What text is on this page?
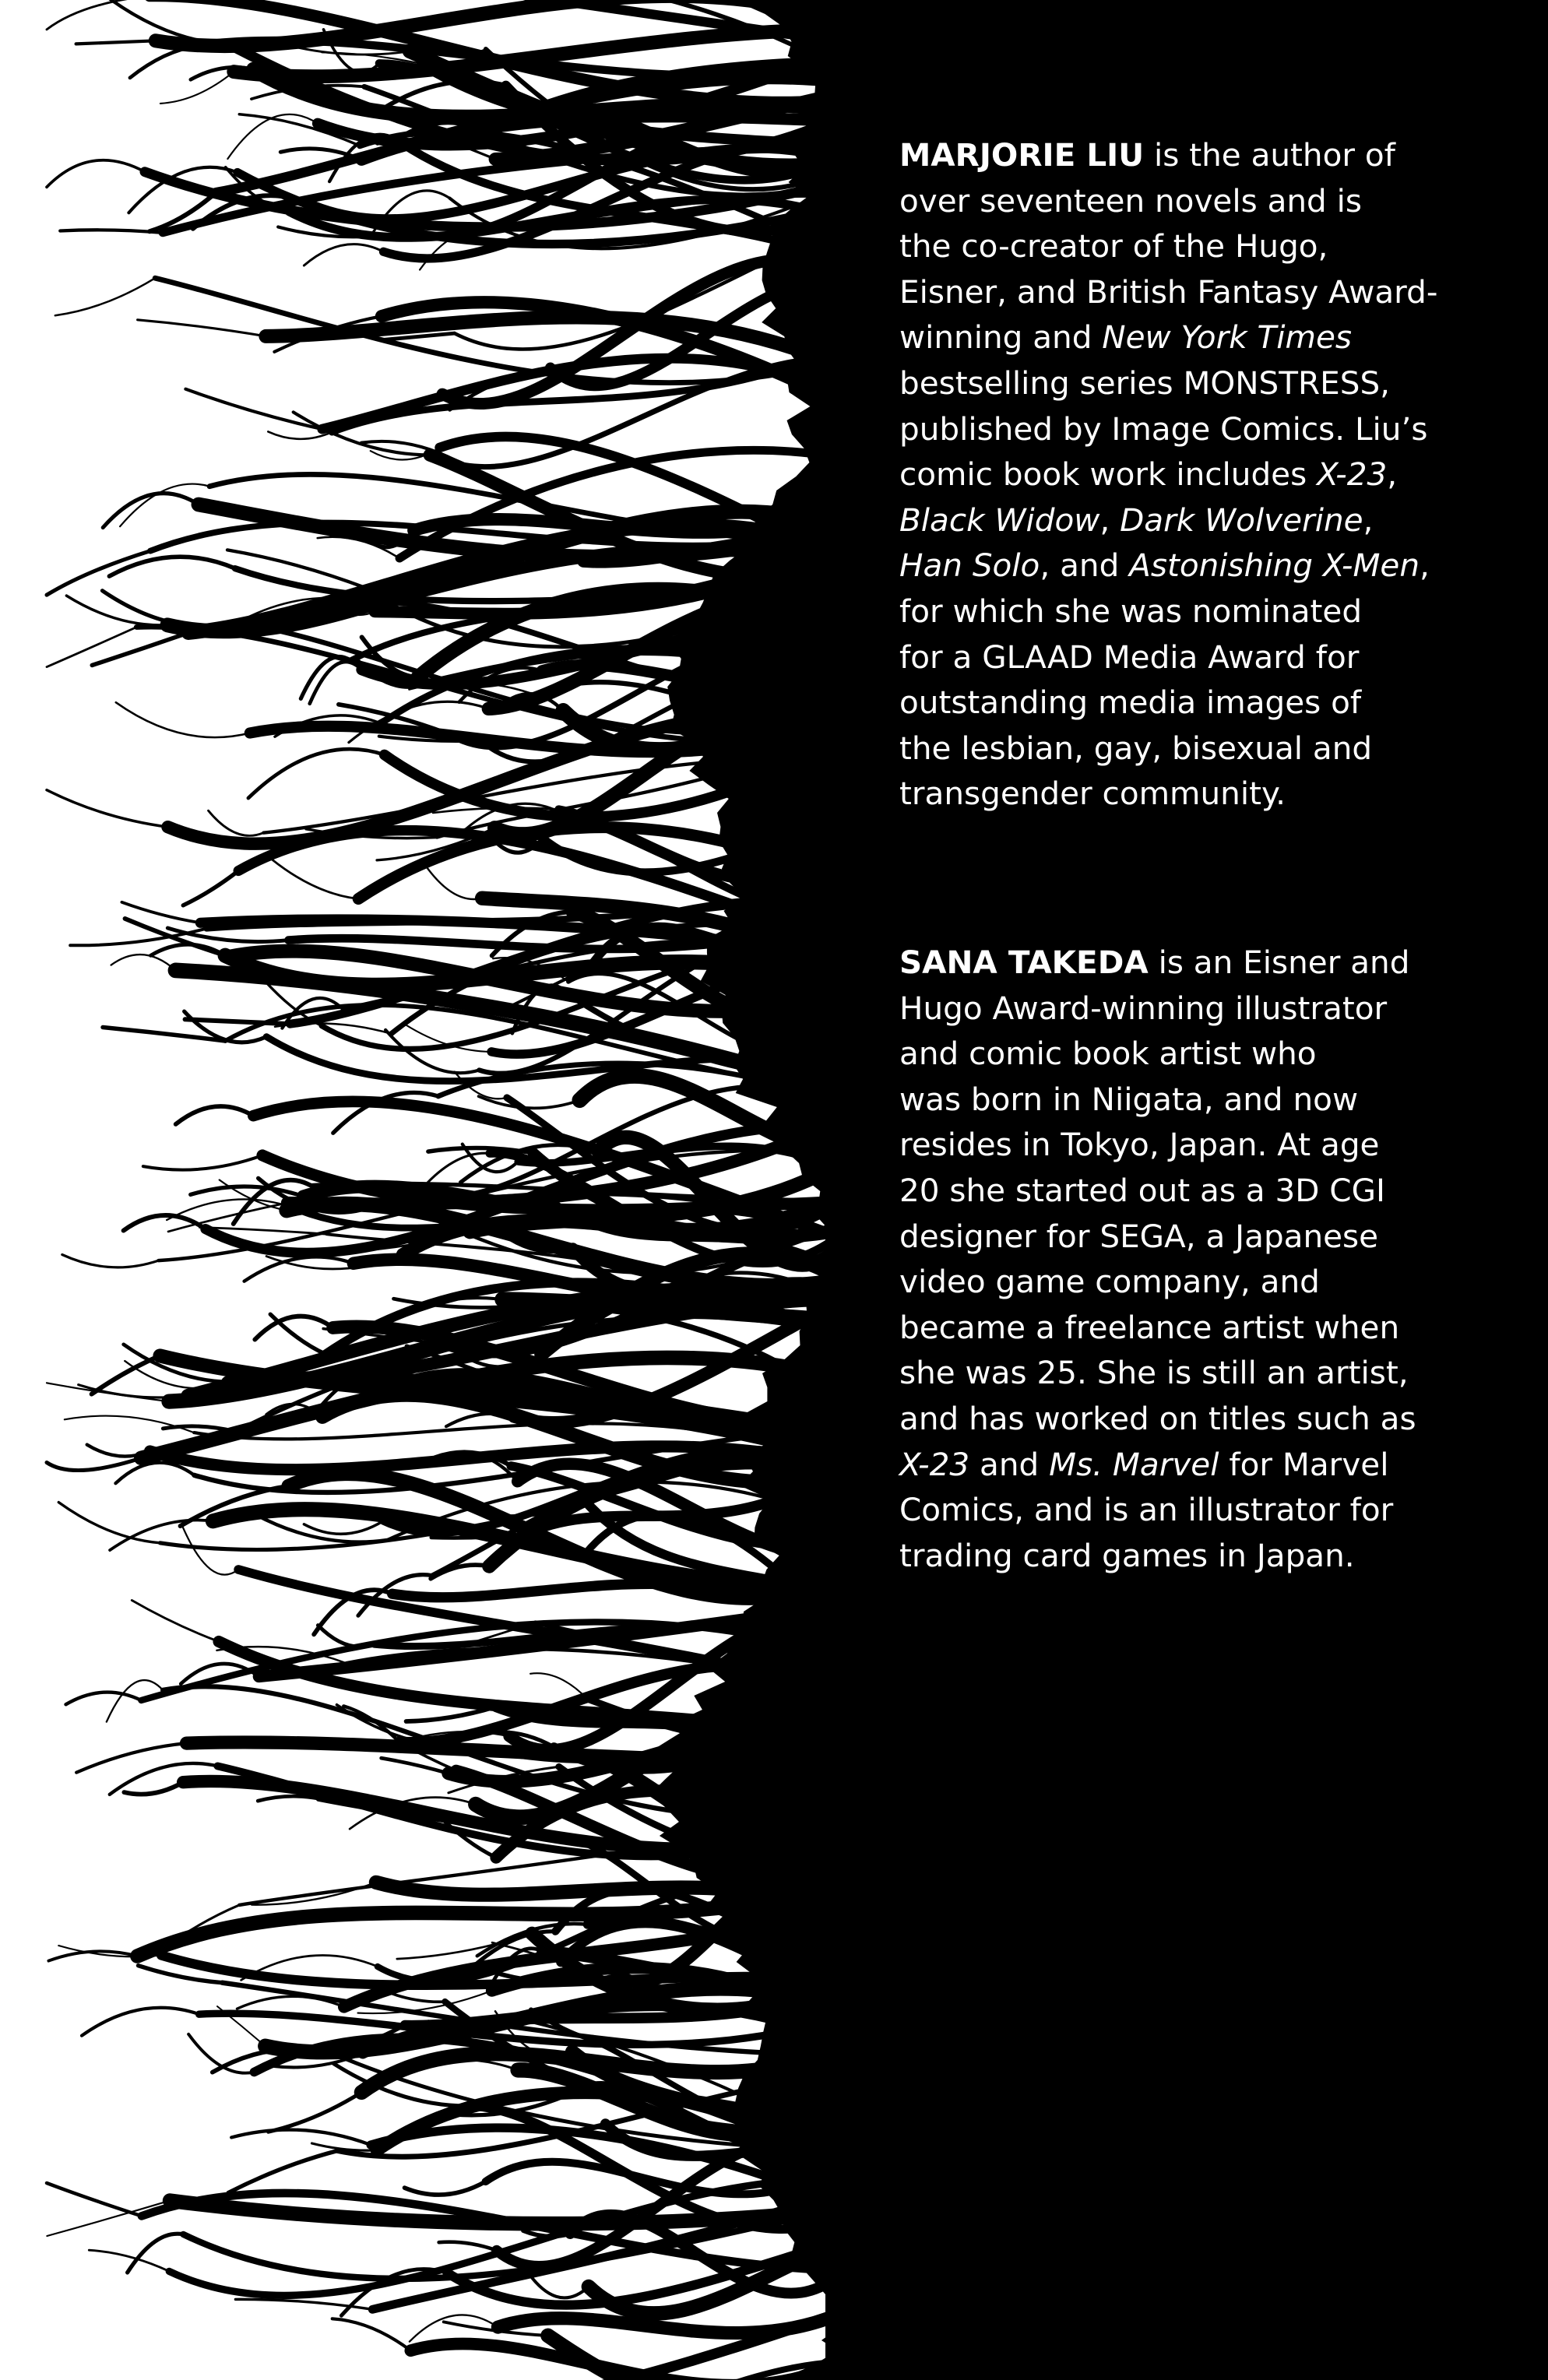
MARJORIE LIU is the author of
over seventeen novels and is
the co-creator of the Hugo,
Eisner, and British Fantasy Award-
winning and New York Times
bestselling series MONSTRESS,
published by Image Comics. Liu’s
comic book work includes X-23,
Black Widow, Dark Wolverine,
Han Solo, and Astonishing X-Men,
for which she was nominated
for a GLAAD Media Award for
outstanding media images of
the lesbian, gay, bisexual and
transgender community.
SANA TAKEDA is an Eisner and
Hugo Award-winning illustrator
and comic book artist who
was born in Niigata, and now
resides in Tokyo, Japan. At age
20 she started out as a 3D CGI
designer for SEGA, a Japanese
video game company, and
became a freelance artist when
she was 25. She is still an artist,
and has worked on titles such as
X-23 and Ms. Marvel for Marvel
Comics, and is an illustrator for
trading card games in Japan.
